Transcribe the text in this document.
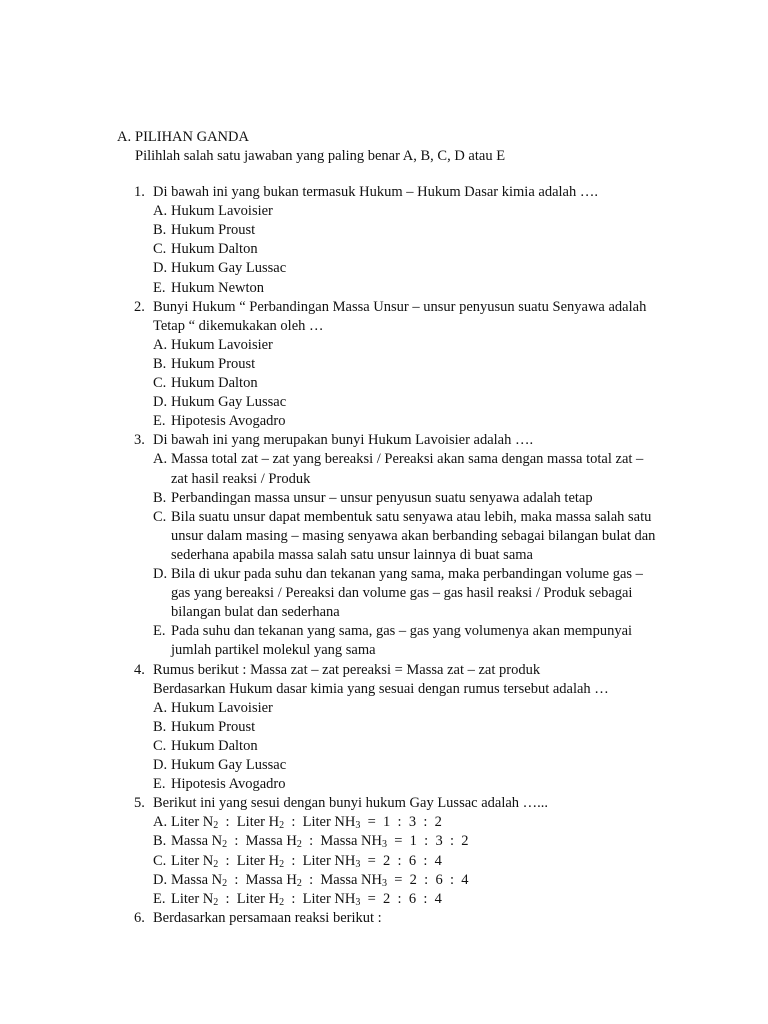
A. PILIHAN GANDA
Pilihlah salah satu jawaban yang paling benar A, B, C, D atau E
1. Di bawah ini yang bukan termasuk Hukum – Hukum Dasar kimia adalah ….
A. Hukum Lavoisier
B. Hukum Proust
C. Hukum Dalton
D. Hukum Gay Lussac
E. Hukum Newton
2. Bunyi Hukum “ Perbandingan Massa Unsur – unsur penyusun suatu Senyawa adalah
Tetap “ dikemukakan oleh …
A. Hukum Lavoisier
B. Hukum Proust
C. Hukum Dalton
D. Hukum Gay Lussac
E. Hipotesis Avogadro
3. Di bawah ini yang merupakan bunyi Hukum Lavoisier adalah ….
A. Massa total zat – zat yang bereaksi / Pereaksi akan sama dengan massa total zat –
zat hasil reaksi / Produk
B. Perbandingan massa unsur – unsur penyusun suatu senyawa adalah tetap
C. Bila suatu unsur dapat membentuk satu senyawa atau lebih, maka massa salah satu
unsur dalam masing – masing senyawa akan berbanding sebagai bilangan bulat dan
sederhana apabila massa salah satu unsur lainnya di buat sama
D. Bila di ukur pada suhu dan tekanan yang sama, maka perbandingan volume gas –
gas yang bereaksi / Pereaksi dan volume gas – gas hasil reaksi / Produk sebagai
bilangan bulat dan sederhana
E. Pada suhu dan tekanan yang sama, gas – gas yang volumenya akan mempunyai
jumlah partikel molekul yang sama
4. Rumus berikut : Massa zat – zat pereaksi = Massa zat – zat produk
Berdasarkan Hukum dasar kimia yang sesuai dengan rumus tersebut adalah …
A. Hukum Lavoisier
B. Hukum Proust
C. Hukum Dalton
D. Hukum Gay Lussac
E. Hipotesis Avogadro
5. Berikut ini yang sesui dengan bunyi hukum Gay Lussac adalah …...
A. Liter $N_2$  :  Liter $H_2$  :  Liter $NH_3 = 1$  :  3  :  2
B. Massa $N_2$  :  Massa $H_2$  :  Massa $NH_3 = 1$  :  3  :  2
C. Liter $N_2$  :  Liter $H_2$  :  Liter $NH_3 = 2$  :  6  :  4
D. Massa $N_2$  :  Massa $H_2$  :  Massa $NH_3 = 2$  :  6  :  4
E. Liter $N_2$  :  Liter $H_2$  :  Liter $NH_3 = 2$  :  6  :  4
6. Berdasarkan persamaan reaksi berikut :
